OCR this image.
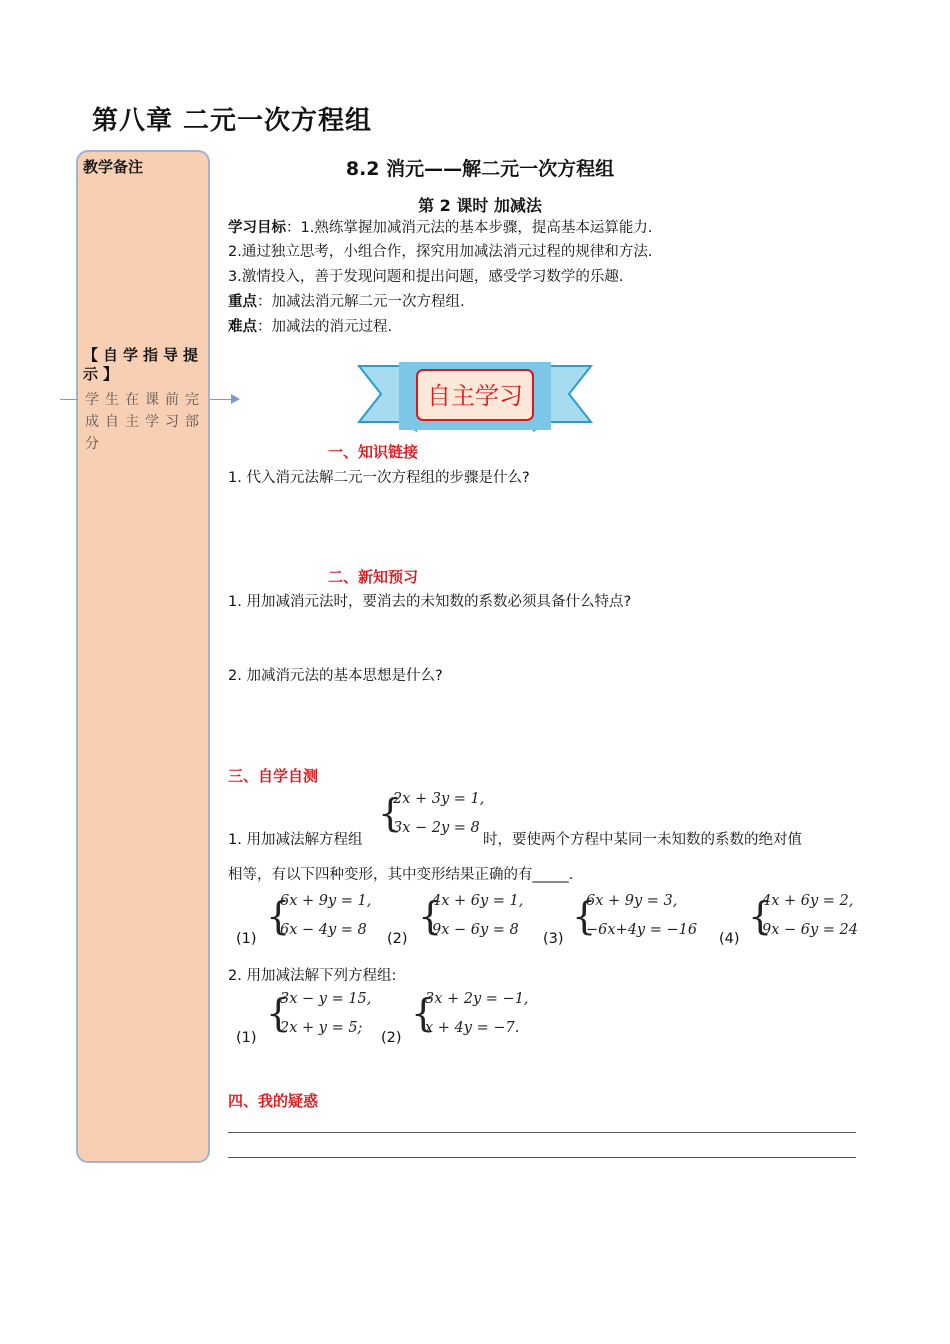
第八章 二元一次方程组
教学备注
【自学指导提示】
学生在课前完成自主学习部分
8.2 消元——解二元一次方程组
第 2 课时 加减法
学习目标：1.熟练掌握加减消元法的基本步骤，提高基本运算能力.
2.通过独立思考，小组合作，探究用加减法消元过程的规律和方法.
3.激情投入，善于发现问题和提出问题，感受学习数学的乐趣.
重点：加减法消元解二元一次方程组.
难点：加减法的消元过程.
自主学习
一、知识链接
1. 代入消元法解二元一次方程组的步骤是什么?
二、新知预习
1. 用加减消元法时，要消去的未知数的系数必须具备什么特点?
2. 加减消元法的基本思想是什么?
三、自学自测
{
2x + 3y = 1,
3x − 2y = 8
1. 用加减法解方程组	时，要使两个方程中某同一未知数的系数的绝对值
相等，有以下四种变形，其中变形结果正确的有_____.
(1)
{
6x + 9y = 1,
6x − 4y = 8
(2)
{
4x + 6y = 1,
9x − 6y = 8
(3)
{
6x + 9y = 3,
−6x+4y = −16
(4)
{
4x + 6y = 2,
9x − 6y = 24
2. 用加减法解下列方程组:
(1)
{
3x − y = 15,
2x + y = 5;
(2)
{
3x + 2y = −1,
x + 4y = −7.
四、我的疑惑
